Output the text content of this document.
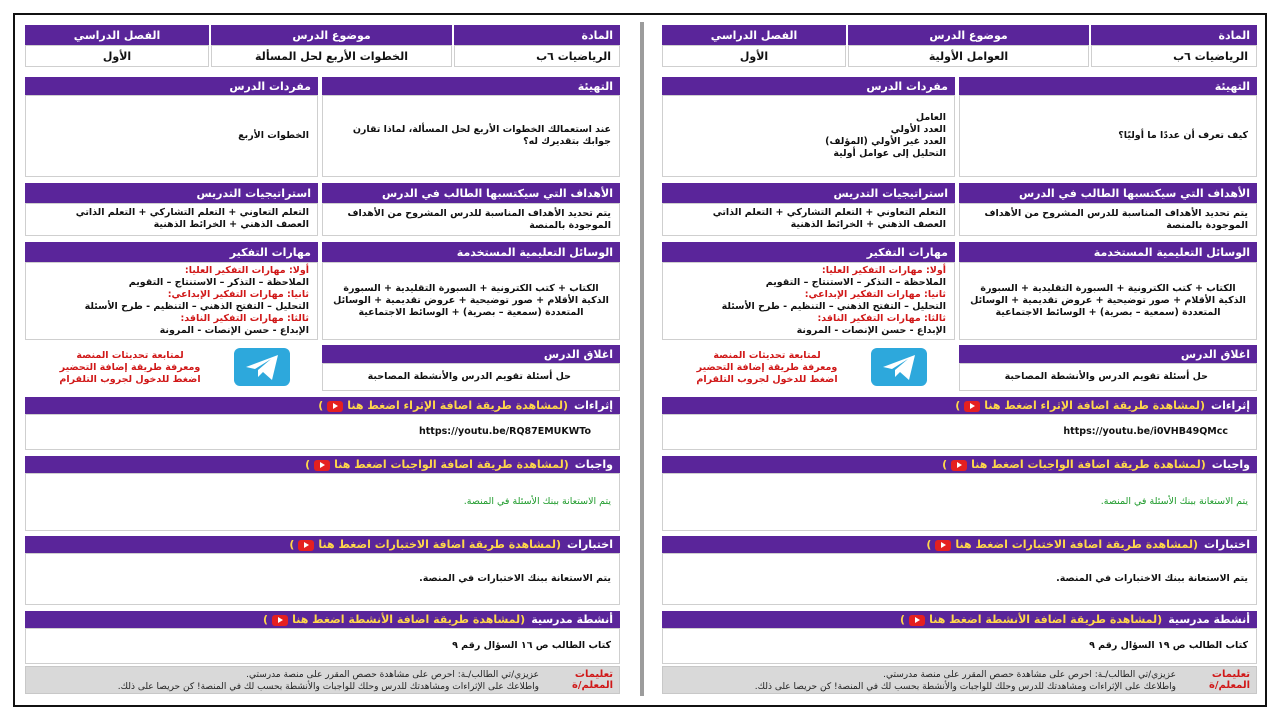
المادة
موضوع الدرس
الفصل الدراسي
الرياضيات ٦ب
العوامل الأولية
الأول
التهيئة
كيف تعرف أن عددًا ما أوليًا؟
مفردات الدرس
العامل
العدد الأولي
العدد غير الأولي (المؤلف)
التحليل إلى عوامل أولية
الأهداف التي سيكتسبها الطالب في الدرس
يتم تحديد الأهداف المناسبة للدرس المشروح من الأهداف الموجودة بالمنصة
استراتيجيات التدريس
التعلم التعاوني + التعلم التشاركي + التعلم الذاتي
العصف الذهني + الخرائط الذهنية
الوسائل التعليمية المستخدمة
الكتاب + كتب الكترونية + السبورة التقليدية + السبورة الذكية الأقلام + صور توضيحية + عروض تقديمية + الوسائل المتعددة (سمعية – بصرية) + الوسائط الاجتماعية
مهارات التفكير
أولا: مهارات التفكير العليا:
الملاحظة – التذكر – الاستنتاج – التقويم
ثانيا: مهارات التفكير الإبداعي:
التحليل – التفتح الذهني – التنظيم - طرح الأسئلة
ثالثا: مهارات التفكير الناقد:
الإبداع - حسن الإنصات - المرونة
اغلاق الدرس
حل أسئلة تقويم الدرس والأنشطة المصاحبة
لمتابعة تحديثات المنصة
ومعرفة طريقة إضافة التحضير
اضغط للدخول لجروب التلقرام
إثراءات
(لمشاهدة طريقة اضافة الإثراء اضغط هنا)
https://youtu.be/i0VHB49QMcc
واجبات
(لمشاهدة طريقة اضافة الواجبات اضغط هنا)
يتم الاستعانة ببنك الأسئلة في المنصة.
اختبارات
(لمشاهدة طريقة اضافة الاختبارات اضغط هنا)
يتم الاستعانة ببنك الاختبارات في المنصة.
أنشطة مدرسية
(لمشاهدة طريقة اضافة الأنشطة اضغط هنا)
كتاب الطالب ص ١٩ السؤال رقم ٩
تعليمات المعلم/ة
عزيزي/تي الطالب/ـة: احرص على مشاهدة حصص المقرر على منصة مدرستي.
واطلاعك على الإثراءات ومشاهدتك للدرس وحلك للواجبات والأنشطة بحسب لك في المنصة! كن حريصا على ذلك.
المادة
موضوع الدرس
الفصل الدراسي
الرياضيات ٦ب
الخطوات الأربع لحل المسألة
الأول
التهيئة
عند استعمالك الخطوات الأربع لحل المسألة، لماذا تقارن جوابك بتقديرك له؟
مفردات الدرس
الخطوات الأربع
الأهداف التي سيكتسبها الطالب في الدرس
يتم تحديد الأهداف المناسبة للدرس المشروح من الأهداف الموجودة بالمنصة
استراتيجيات التدريس
التعلم التعاوني + التعلم التشاركي + التعلم الذاتي
العصف الذهني + الخرائط الذهنية
الوسائل التعليمية المستخدمة
الكتاب + كتب الكترونية + السبورة التقليدية + السبورة الذكية الأقلام + صور توضيحية + عروض تقديمية + الوسائل المتعددة (سمعية – بصرية) + الوسائط الاجتماعية
مهارات التفكير
أولا: مهارات التفكير العليا:
الملاحظة – التذكر – الاستنتاج – التقويم
ثانيا: مهارات التفكير الإبداعي:
التحليل – التفتح الذهني – التنظيم - طرح الأسئلة
ثالثا: مهارات التفكير الناقد:
الإبداع - حسن الإنصات - المرونة
اغلاق الدرس
حل أسئلة تقويم الدرس والأنشطة المصاحبة
لمتابعة تحديثات المنصة
ومعرفة طريقة إضافة التحضير
اضغط للدخول لجروب التلقرام
إثراءات
(لمشاهدة طريقة اضافة الإثراء اضغط هنا)
https://youtu.be/RQ87EMUKWTo
واجبات
(لمشاهدة طريقة اضافة الواجبات اضغط هنا)
يتم الاستعانة ببنك الأسئلة في المنصة.
اختبارات
(لمشاهدة طريقة اضافة الاختبارات اضغط هنا)
يتم الاستعانة ببنك الاختبارات في المنصة.
أنشطة مدرسية
(لمشاهدة طريقة اضافة الأنشطة اضغط هنا)
كتاب الطالب ص ١٦ السؤال رقم ٩
تعليمات المعلم/ة
عزيزي/تي الطالب/ـة: احرص على مشاهدة حصص المقرر على منصة مدرستي.
واطلاعك على الإثراءات ومشاهدتك للدرس وحلك للواجبات والأنشطة بحسب لك في المنصة! كن حريصا على ذلك.
